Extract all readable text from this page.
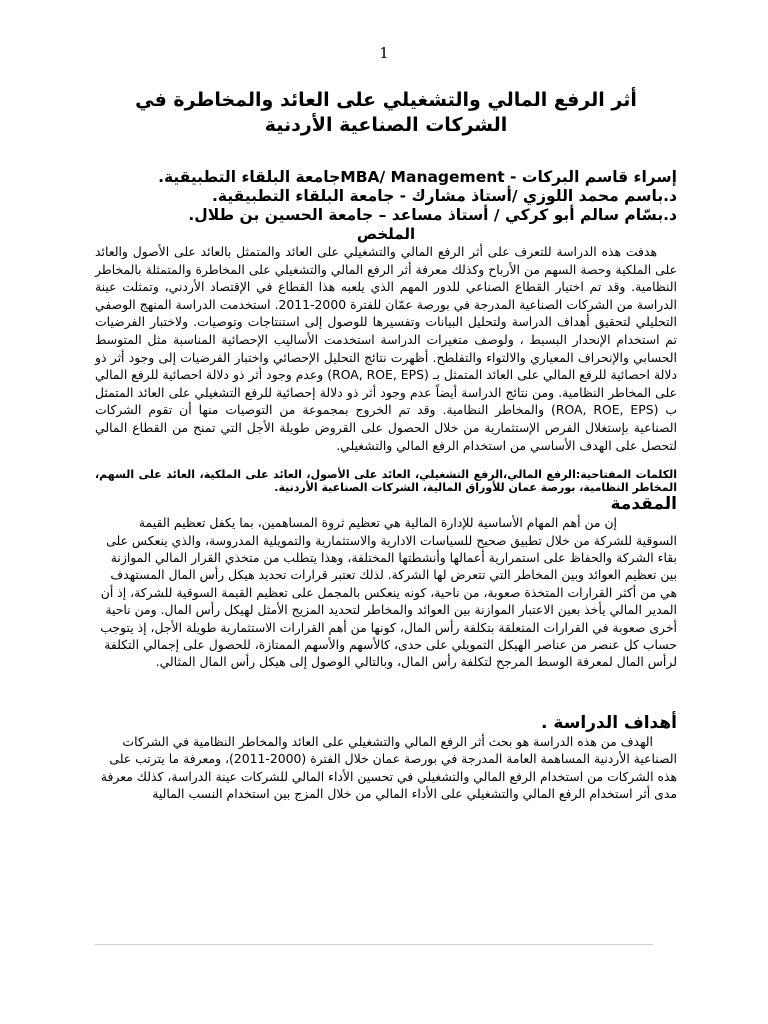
1
أثر الرفع المالي والتشغيلي على العائد والمخاطرة في الشركات الصناعية الأردنية
إسراء قاسم البركات - MBA/ Managementجامعة البلقاء التطبيقية.
د.باسم محمد اللوزي /أستاذ مشارك - جامعة البلقاء التطبيقية.
د.بسّام سالم أبو كركي / أستاذ مساعد – جامعة الحسين بن طلال.
الملخص

هدفت هذه الدراسة للتعرف على أثر الرفع المالي والتشغيلي على العائد والمتمثل بالعائد على الأصول والعائد على الملكية وحصة السهم من الأرباح وكذلك معرفة أثر الرفع المالي والتشغيلي على المخاطرة والمتمثلة بالمخاطر النظامية. وقد تم اختيار القطاع الصناعي للدور المهم الذي يلعبه هذا القطاع في الإقتصاد الأردني، وتمثلت عينة الدراسة من الشركات الصناعية المدرجة في بورصة عمّان للفترة 2000-2011. استخدمت الدراسة المنهج الوصفي التحليلي لتحقيق أهداف الدراسة ولتحليل البيانات وتفسيرها للوصول إلى استنتاجات وتوصيات. ولاختبار الفرضيات تم استخدام الإنحدار البسيط ، ولوصف متغيرات الدراسة استخدمت الأساليب الإحصائية المناسبة مثل المتوسط الحسابي والإنحراف المعياري والالتواء والتفلطح. أظهرت نتائج التحليل الإحصائي واختبار الفرضيات إلى وجود أثر ذو دلالة احصائية للرفع المالي على العائد المتمثل بـ (ROA, ROE, EPS) وعدم وجود أثر ذو دلالة احصائية للرفع المالي على المخاطر النظامية. ومن نتائج الدراسة أيضاً عدم وجود أثر ذو دلالة إحصائية للرفع التشغيلي على العائد المتمثل ب (ROA, ROE, EPS) والمخاطر النظامية. وقد تم الخروج بمجموعة من التوصيات منها أن تقوم الشركات الصناعية بإستغلال الفرص الإستثمارية من خلال الحصول على القروض طويلة الأجل التي تمنح من القطاع المالي لتحصل على الهدف الأساسي من استخدام الرفع المالي والتشغيلي.

الكلمات المفتاحية:الرفع المالي،الرفع التشغيلي، العائد على الأصول، العائد على الملكية، العائد على السهم، المخاطر النظامية، بورصة عمان للأوراق المالية، الشركات الصناعية الأردنية.

المقدمة

إن من أهم المهام الأساسية للإدارة المالية هي تعظيم ثروة المساهمين، بما يكفل تعظيم القيمة السوقية للشركة من خلال تطبيق صحيح للسياسات الادارية والاستثمارية والتمويلية المدروسة، والذي ينعكس على بقاء الشركة والحفاظ على استمرارية أعمالها وأنشطتها المختلفة، وهذا يتطلب من متخذي القرار المالي الموازنة بين تعظيم العوائد وبين المخاطر التي تتعرض لها الشركة. لذلك تعتبر قرارات تحديد هيكل رأس المال المستهدف هي من أكثر القرارات المتخذة صعوبة، من ناحية، كونه ينعكس بالمجمل على تعظيم القيمة السوقية للشركة، إذ أن المدير المالي يأخذ بعين الاعتبار الموازنة بين العوائد والمخاطر لتحديد المزيج الأمثل لهيكل رأس المال. ومن ناحية أخرى صعوبة في القرارات المتعلقة بتكلفة رأس المال، كونها من أهم القرارات الاستثمارية طويلة الأجل، إذ يتوجب حساب كل عنصر من عناصر الهيكل التمويلي على حدى، كالأسهم والأسهم الممتازة، للحصول على إجمالي التكلفة لرأس المال لمعرفة الوسط المرجح لتكلفة رأس المال، وبالتالي الوصول إلى هيكل رأس المال المثالي.

أهداف الدراسة .

الهدف من هذه الدراسة هو بحث أثر الرفع المالي والتشغيلي على العائد والمخاطر النظامية في الشركات الصناعية الأردنية المساهمة العامة المدرجة في بورصة عمان خلال الفترة (2000-2011)، ومعرفة ما يترتب على هذه الشركات من استخدام الرفع المالي والتشغيلي في تحسين الأداء المالي للشركات عينة الدراسة، كذلك معرفة مدى أثر استخدام الرفع المالي والتشغيلي على الأداء المالي من خلال المزج بين استخدام النسب المالية
